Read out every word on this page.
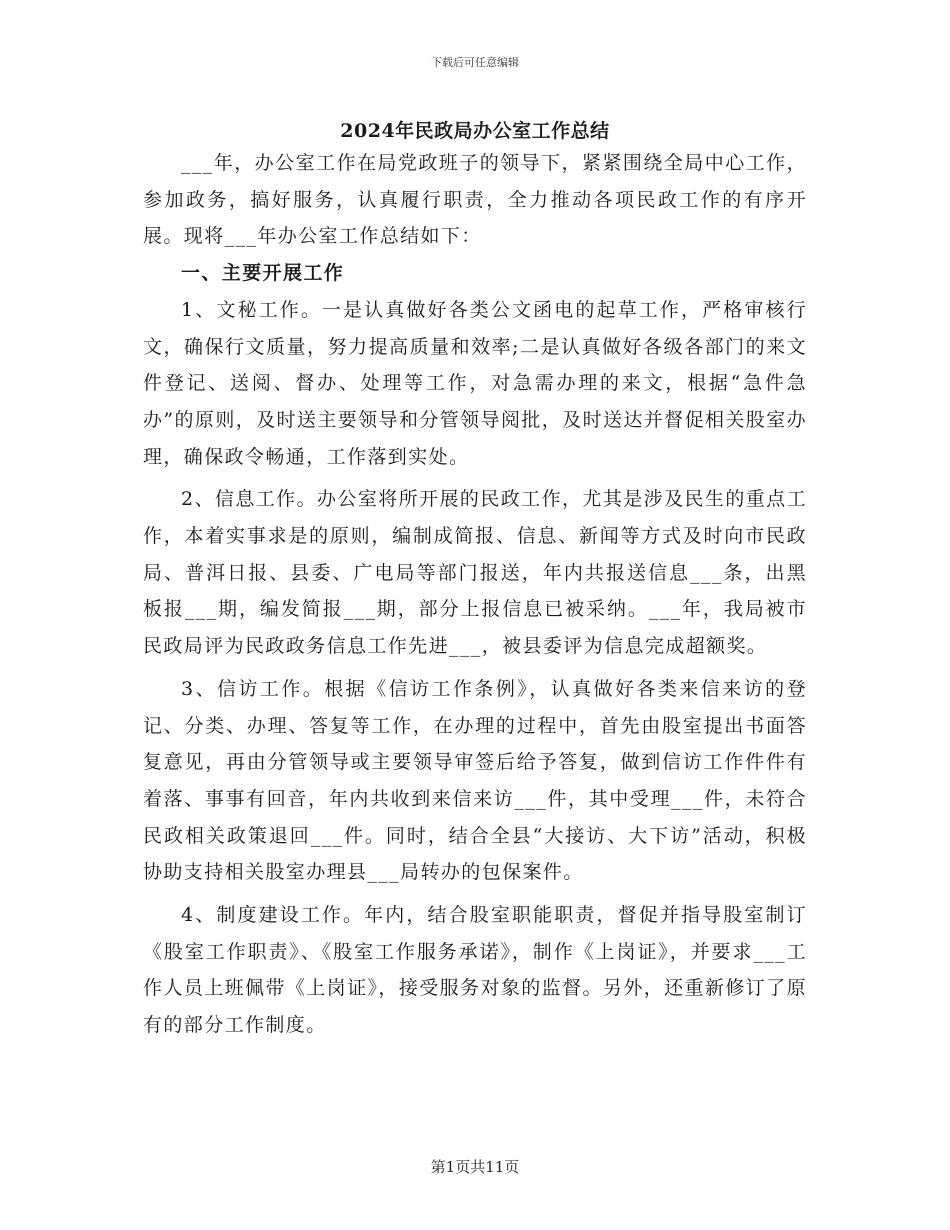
下载后可任意编辑
2024年民政局办公室工作总结

___年，办公室工作在局党政班子的领导下，紧紧围绕全局中心工作，参加政务，搞好服务，认真履行职责，全力推动各项民政工作的有序开展。现将___年办公室工作总结如下：

一、主要开展工作

1、文秘工作。一是认真做好各类公文函电的起草工作，严格审核行文，确保行文质量，努力提高质量和效率;二是认真做好各级各部门的来文件登记、送阅、督办、处理等工作，对急需办理的来文，根据“急件急办”的原则，及时送主要领导和分管领导阅批，及时送达并督促相关股室办理，确保政令畅通，工作落到实处。

2、信息工作。办公室将所开展的民政工作，尤其是涉及民生的重点工作，本着实事求是的原则，编制成简报、信息、新闻等方式及时向市民政局、普洱日报、县委、广电局等部门报送，年内共报送信息___条，出黑板报___期，编发简报___期，部分上报信息已被采纳。___年，我局被市民政局评为民政政务信息工作先进___，被县委评为信息完成超额奖。

3、信访工作。根据《信访工作条例》，认真做好各类来信来访的登记、分类、办理、答复等工作，在办理的过程中，首先由股室提出书面答复意见，再由分管领导或主要领导审签后给予答复，做到信访工作件件有着落、事事有回音，年内共收到来信来访___件，其中受理___件，未符合民政相关政策退回___件。同时，结合全县“大接访、大下访”活动，积极协助支持相关股室办理县___局转办的包保案件。

4、制度建设工作。年内，结合股室职能职责，督促并指导股室制订《股室工作职责》、《股室工作服务承诺》，制作《上岗证》，并要求___工作人员上班佩带《上岗证》，接受服务对象的监督。另外，还重新修订了原有的部分工作制度。

第1页共11页
